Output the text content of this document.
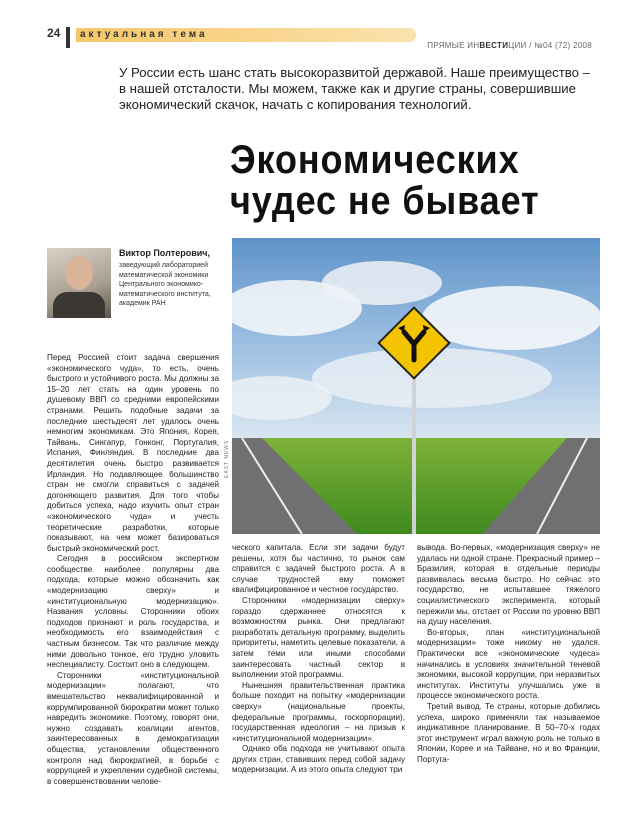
24 актуальная тема
ПРЯМЫЕ ИНВЕСТИЦИИ / №04 (72) 2008
У России есть шанс стать высокоразвитой державой. Наше преимущество – в нашей отсталости. Мы можем, также как и другие страны, совершившие экономический скачок, начать с копирования технологий.
Экономических
чудес не бывает
Виктор Полтерович,
заведующий лабораторией математической экономики Центрального экономико-математического института, академик РАН
EAST NEWS

Перед Россией стоит задача свершения «экономического чуда», то есть, очень быстрого и устойчивого роста. Мы должны за 15–20 лет стать на один уровень по душевому ВВП со средними европейскими странами. Решить подобные задачи за последние шестьдесят лет удалось очень немногим экономикам. Это Япония, Корея, Тайвань, Сингапур, Гонконг, Португалия, Испания, Финляндия. В последние два десятилетия очень быстро развивается Ирландия. Но подавляющее большинство стран не смогли справиться с задачей догоняющего развития. Для того чтобы добиться успеха, надо изучить опыт стран «экономического чуда» и учесть теоретические разработки, которые показывают, на чем может базироваться быстрый экономический рост.

Сегодня в российском экспертном сообществе наиболее популярны два подхода, которые можно обозначить как «модернизацию сверху» и «институциональную модернизацию». Названия условны. Сторонники обоих подходов признают и роль государства, и необходимость его взаимодействия с частным бизнесом. Так что различие между ними довольно тонкое, его трудно уловить неспециалисту. Состоит оно в следующем.

Сторонники «институциональной модернизации» полагают, что вмешательство неквалифицированной и коррумпированной бюрократии может только навредить экономике. Поэтому, говорят они, нужно создавать коалиции агентов, заинтересованных в демократизации общества, установлении общественного контроля над бюрократией, в борьбе с коррупцией и укреплении судебной системы, в совершенствовании челове-

ческого капитала. Если эти задачи будут решены, хотя бы частично, то рынок сам справится с задачей быстрого роста. А в случае трудностей ему поможет квалифицированное и честное государство.

Сторонники «модернизации сверху» гораздо сдержаннее относятся к возможностям рынка. Они предлагают разработать детальную программу, выделить приоритеты, наметить целевые показатели, а затем теми или иными способами заинтересовать частный сектор в выполнении этой программы.

Нынешняя правительственная практика больше походит на попытку «модернизации сверху» (национальные проекты, федеральные программы, госкорпорации), государственная идеология – на призыв к «институциональной модернизации».

Однако оба подхода не учитывают опыта других стран, ставивших перед собой задачу модернизации. А из этого опыта следуют три

вывода. Во-первых, «модернизация сверху» не удалась ни одной стране. Прекрасный пример – Бразилия, которая в отдельные периоды развивалась весьма быстро. Но сейчас это государство, не испытавшее тяжелого социалистического эксперимента, который пережили мы, отстает от России по уровню ВВП на душу населения.

Во-вторых, план «институциональной модернизации» тоже никому не удался. Практически все «экономические чудеса» начинались в условиях значительной теневой экономики, высокой коррупции, при неразвитых институтах. Институты улучшались уже в процессе экономического роста.

Третий вывод. Те страны, которые добились успеха, широко применяли так называемое индикативное планирование. В 50–70-х годах этот инструмент играл важную роль не только в Японии, Корее и на Тайване, но и во Франции, Португа-
